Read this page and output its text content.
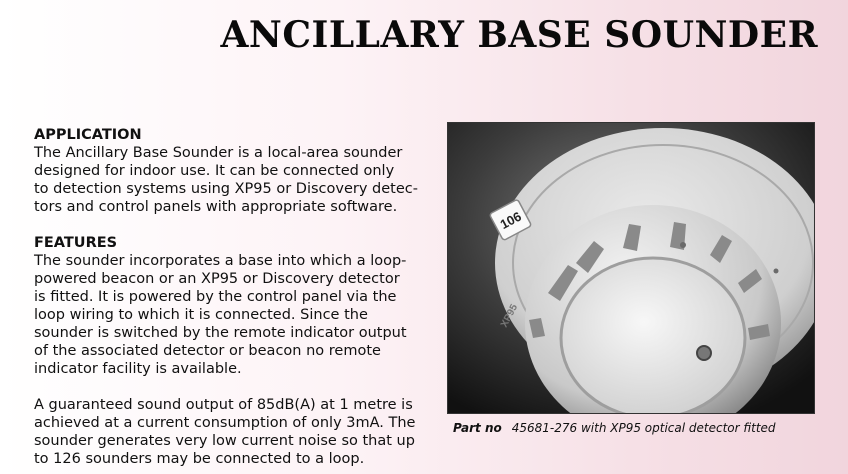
ANCILLARY BASE SOUNDER

APPLICATION

The Ancillary Base Sounder is a local-area sounder

designed for indoor use. It can be connected only

to detection systems using XP95 or Discovery detec-

tors and control panels with appropriate software.

FEATURES

The sounder incorporates a base into which a loop-

powered beacon or an XP95 or Discovery detector

is fitted. It is powered by the control panel via the

loop wiring to which it is connected. Since the

sounder is switched by the remote indicator output

of the associated detector or beacon no remote

indicator facility is available.

A guaranteed sound output of 85dB(A) at 1 metre is

achieved at a current consumption of only 3mA. The

sounder generates very low current noise so that up

to 126 sounders may be connected to a loop.

106
XP95
Part no 45681-276 with XP95 optical detector fitted
